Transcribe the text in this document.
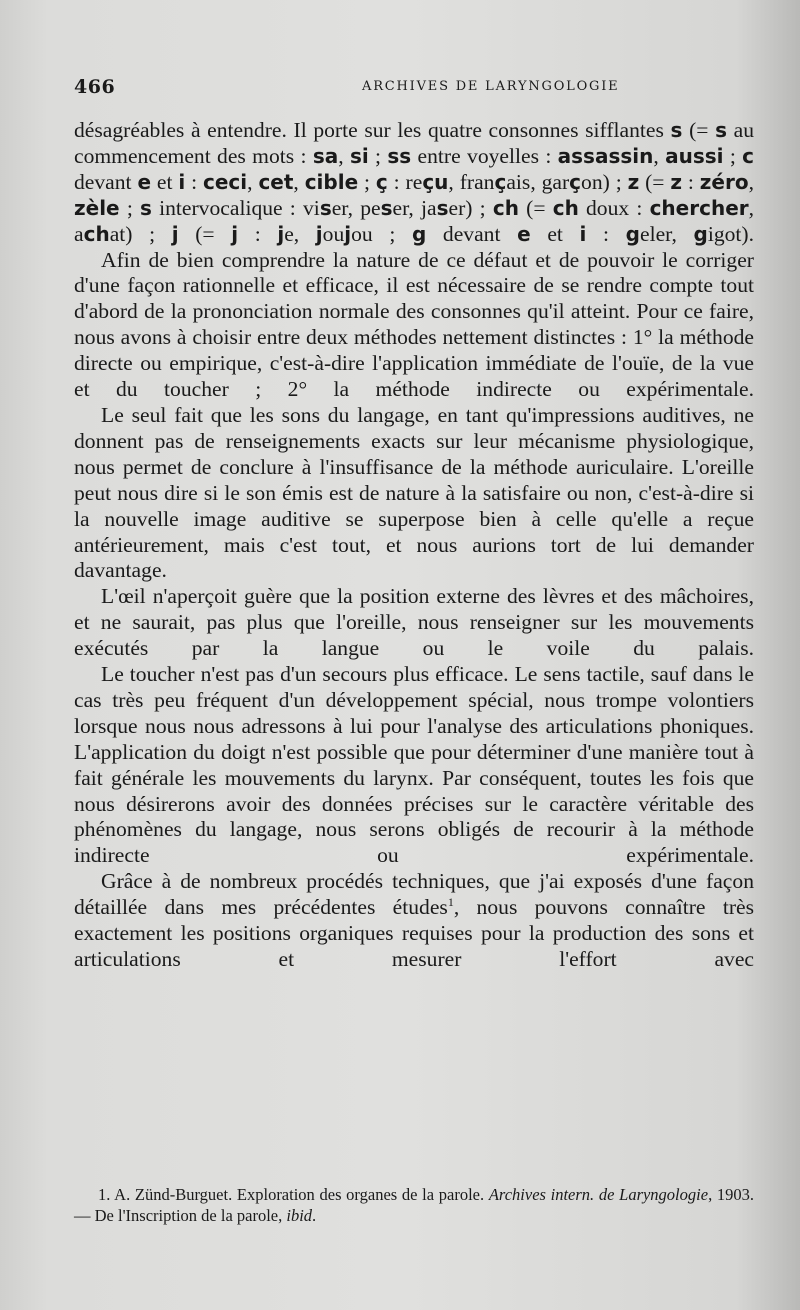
466	ARCHIVES DE LARYNGOLOGIE

désagréables à entendre. Il porte sur les quatre consonnes sifflantes s (= s au commencement des mots : sa, si ; ss entre voyelles : assassin, aussi ; c devant e et i : ceci, cet, cible ; ç : reçu, français, garçon) ; z (= z : zéro, zèle ; s intervocalique : viser, peser, jaser) ; ch (= ch doux : chercher, achat) ; j (= j : je, joujou ; g devant e et i : geler, gigot).

Afin de bien comprendre la nature de ce défaut et de pouvoir le corriger d'une façon rationnelle et efficace, il est nécessaire de se rendre compte tout d'abord de la prononciation normale des consonnes qu'il atteint. Pour ce faire, nous avons à choisir entre deux méthodes nettement distinctes : 1° la méthode directe ou empirique, c'est-à-dire l'application immédiate de l'ouïe, de la vue et du toucher ; 2° la méthode indirecte ou expérimentale.

Le seul fait que les sons du langage, en tant qu'impressions auditives, ne donnent pas de renseignements exacts sur leur mécanisme physiologique, nous permet de conclure à l'insuffisance de la méthode auriculaire. L'oreille peut nous dire si le son émis est de nature à la satisfaire ou non, c'est-à-dire si la nouvelle image auditive se superpose bien à celle qu'elle a reçue antérieurement, mais c'est tout, et nous aurions tort de lui demander davantage.

L'œil n'aperçoit guère que la position externe des lèvres et des mâchoires, et ne saurait, pas plus que l'oreille, nous renseigner sur les mouvements exécutés par la langue ou le voile du palais.

Le toucher n'est pas d'un secours plus efficace. Le sens tactile, sauf dans le cas très peu fréquent d'un développement spécial, nous trompe volontiers lorsque nous nous adressons à lui pour l'analyse des articulations phoniques. L'application du doigt n'est possible que pour déterminer d'une manière tout à fait générale les mouvements du larynx. Par conséquent, toutes les fois que nous désirerons avoir des données précises sur le caractère véritable des phénomènes du langage, nous serons obligés de recourir à la méthode indirecte ou expérimentale.

Grâce à de nombreux procédés techniques, que j'ai exposés d'une façon détaillée dans mes précédentes études$^1$, nous pouvons connaître très exactement les positions organiques requises pour la production des sons et articulations et mesurer l'effort avec

1. A. Zünd-Burguet. Exploration des organes de la parole. Archives intern. de Laryngologie, 1903. — De l'Inscription de la parole, ibid.
